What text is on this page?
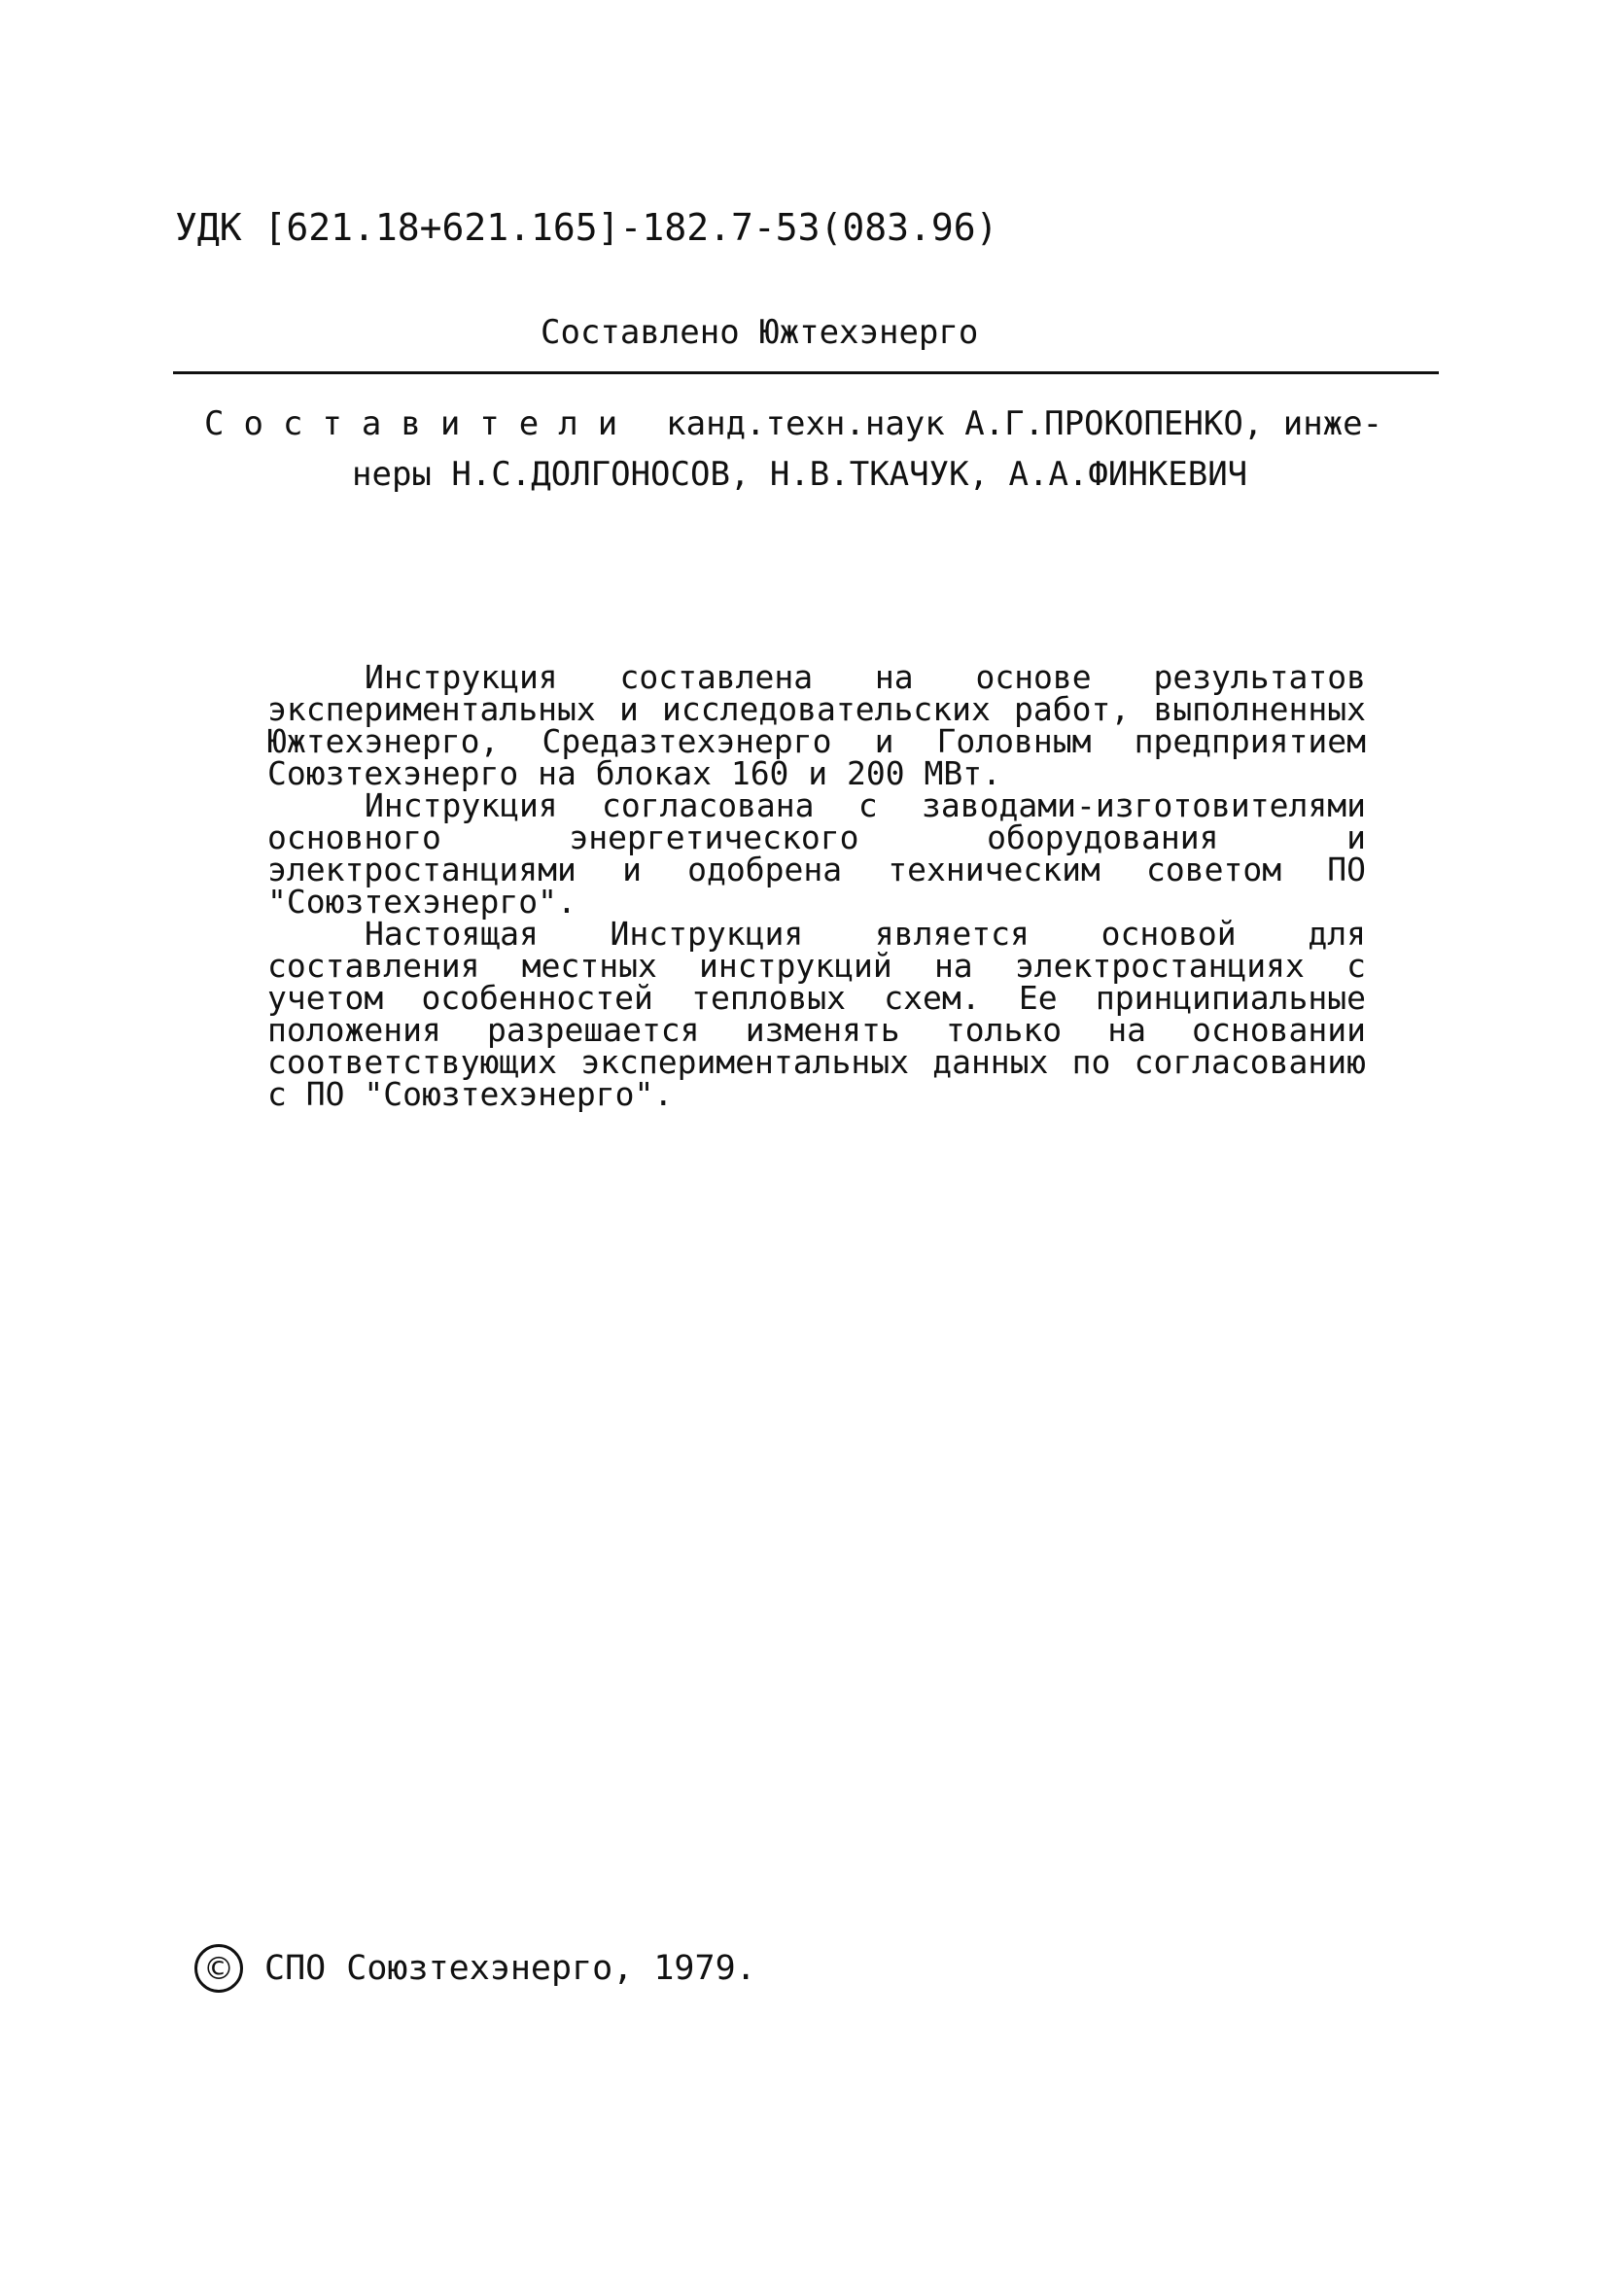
УДК [621.18+621.165]-182.7-53(083.96)
Составлено Южтехэнерго
Составители канд.техн.наук А.Г.ПРОКОПЕНКО, инже-
неры Н.С.ДОЛГОНОСОВ, Н.В.ТКАЧУК, А.А.ФИНКЕВИЧ

Инструкция составлена на основе результатов экспериментальных и исследовательских работ, выполненных Южтехэнерго, Средазтехэнерго и Головным предприятием Союзтехэнерго на блоках 160 и 200 МВт.

Инструкция согласована с заводами-изготовителями основного энергетического оборудования и электростанциями и одобрена техническим советом ПО "Союзтехэнерго".

Настоящая Инструкция является основой для составления местных инструкций на электростанциях с учетом особенностей тепловых схем. Ее принципиальные положения разрешается изменять только на основании соответствующих экспериментальных данных по согласованию с ПО "Союзтехэнерго".

© СПО Союзтехэнерго, 1979.
